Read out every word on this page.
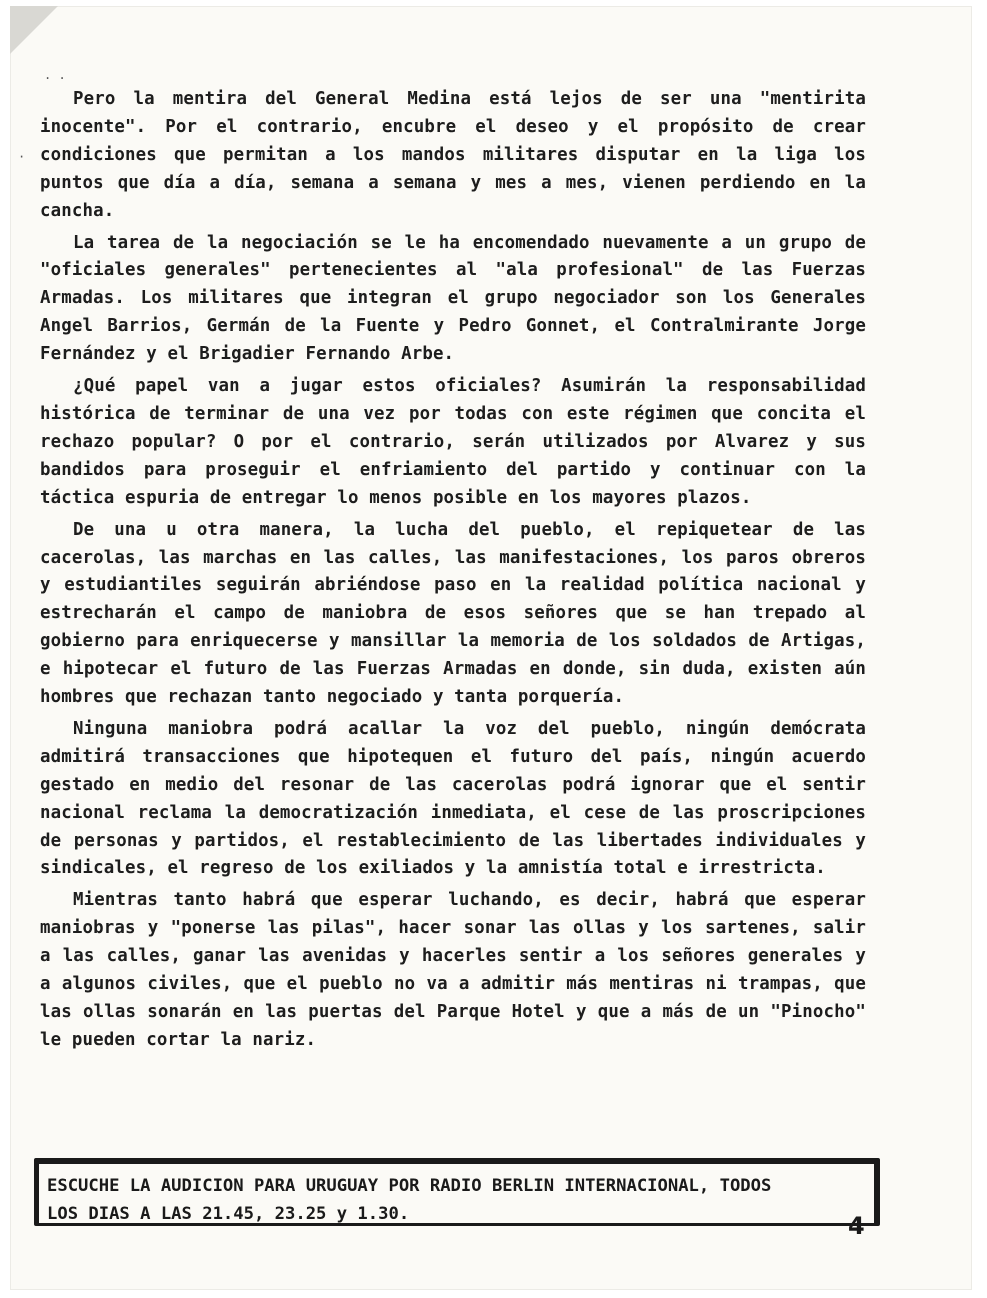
. .
·

Pero la mentira del General Medina está lejos de ser una "mentirita inocente". Por el contrario, encubre el deseo y el propósito de crear condiciones que permitan a los mandos militares disputar en la liga los puntos que día a día, semana a semana y mes a mes, vienen perdiendo en la cancha.

La tarea de la negociación se le ha encomendado nuevamente a un grupo de "oficiales generales" pertenecientes al "ala profesional" de las Fuerzas Armadas. Los militares que integran el grupo negociador son los Generales Angel Barrios, Germán de la Fuente y Pedro Gonnet, el Contralmirante Jorge Fernández y el Brigadier Fernando Arbe.

¿Qué papel van a jugar estos oficiales? Asumirán la responsabilidad histórica de terminar de una vez por todas con este régimen que concita el rechazo popular? O por el contrario, serán utilizados por Alvarez y sus bandidos para proseguir el enfriamiento del partido y continuar con la táctica espuria de entregar lo menos posible en los mayores plazos.

De una u otra manera, la lucha del pueblo, el repiquetear de las cacerolas, las marchas en las calles, las manifestaciones, los paros obreros y estudiantiles seguirán abriéndose paso en la realidad política nacional y estrecharán el campo de maniobra de esos señores que se han trepado al gobierno para enriquecerse y mansillar la memoria de los soldados de Artigas, e hipotecar el futuro de las Fuerzas Armadas en donde, sin duda, existen aún hombres que rechazan tanto negociado y tanta porquería.

Ninguna maniobra podrá acallar la voz del pueblo, ningún demócrata admitirá transacciones que hipotequen el futuro del país, ningún acuerdo gestado en medio del resonar de las cacerolas podrá ignorar que el sentir nacional reclama la democratización inmediata, el cese de las proscripciones de personas y partidos, el restablecimiento de las libertades individuales y sindicales, el regreso de los exiliados y la amnistía total e irrestricta.

Mientras tanto habrá que esperar luchando, es decir, habrá que esperar maniobras y "ponerse las pilas", hacer sonar las ollas y los sartenes, salir a las calles, ganar las avenidas y hacerles sentir a los señores generales y a algunos civiles, que el pueblo no va a admitir más mentiras ni trampas, que las ollas sonarán en las puertas del Parque Hotel y que a más de un "Pinocho" le pueden cortar la nariz.

ESCUCHE LA AUDICION PARA URUGUAY POR RADIO BERLIN INTERNACIONAL, TODOS
LOS DIAS A LAS 21.45, 23.25 y 1.30.	4
